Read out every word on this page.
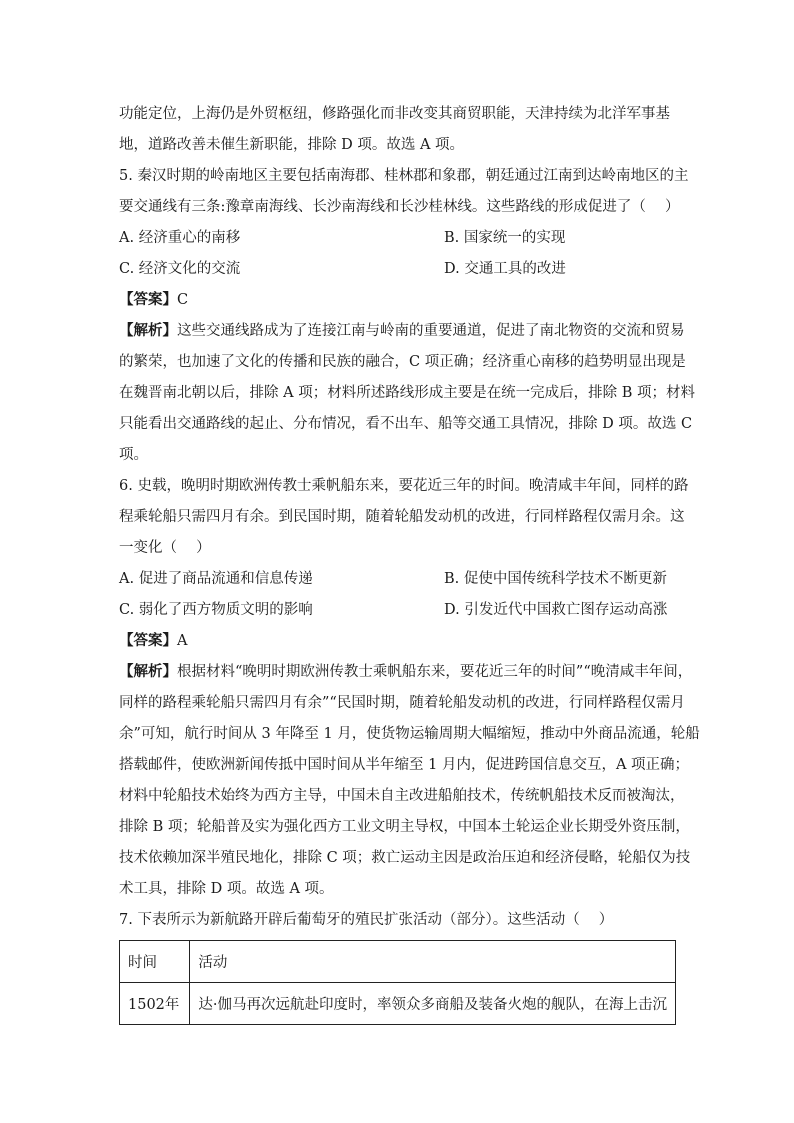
功能定位，上海仍是外贸枢纽，修路强化而非改变其商贸职能，天津持续为北洋军事基
地，道路改善未催生新职能，排除 D 项。故选 A 项。
5. 秦汉时期的岭南地区主要包括南海郡、桂林郡和象郡，朝廷通过江南到达岭南地区的主
要交通线有三条:豫章南海线、长沙南海线和长沙桂林线。这些路线的形成促进了（　 ）
A. 经济重心的南移	B. 国家统一的实现
C. 经济文化的交流	D. 交通工具的改进
【答案】C
【解析】这些交通线路成为了连接江南与岭南的重要通道，促进了南北物资的交流和贸易
的繁荣，也加速了文化的传播和民族的融合，C 项正确；经济重心南移的趋势明显出现是
在魏晋南北朝以后，排除 A 项；材料所述路线形成主要是在统一完成后，排除 B 项；材料
只能看出交通路线的起止、分布情况，看不出车、船等交通工具情况，排除 D 项。故选 C
项。
6. 史载，晚明时期欧洲传教士乘帆船东来，要花近三年的时间。晚清咸丰年间，同样的路
程乘轮船只需四月有余。到民国时期，随着轮船发动机的改进，行同样路程仅需月余。这
一变化（　 ）
A. 促进了商品流通和信息传递	B. 促使中国传统科学技术不断更新
C. 弱化了西方物质文明的影响	D. 引发近代中国救亡图存运动高涨
【答案】A
【解析】根据材料“晚明时期欧洲传教士乘帆船东来，要花近三年的时间”“晚清咸丰年间，
同样的路程乘轮船只需四月有余”“民国时期，随着轮船发动机的改进，行同样路程仅需月
余”可知，航行时间从 3 年降至 1 月，使货物运输周期大幅缩短，推动中外商品流通，轮船
搭载邮件，使欧洲新闻传抵中国时间从半年缩至 1 月内，促进跨国信息交互，A 项正确；
材料中轮船技术始终为西方主导，中国未自主改进船舶技术，传统帆船技术反而被淘汰，
排除 B 项；轮船普及实为强化西方工业文明主导权，中国本土轮运企业长期受外资压制，
技术依赖加深半殖民地化，排除 C 项；救亡运动主因是政治压迫和经济侵略，轮船仅为技
术工具，排除 D 项。故选 A 项。
7. 下表所示为新航路开辟后葡萄牙的殖民扩张活动（部分）。这些活动（　 ）
时间	活动
1502年	达·伽马再次远航赴印度时，率领众多商船及装备火炮的舰队，在海上击沉
